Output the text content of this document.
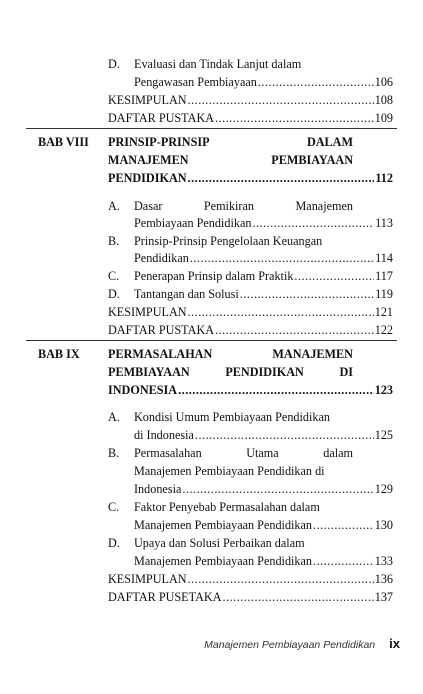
D. Evaluasi dan Tindak Lanjut dalam
Pengawasan Pembiayaan .....	106
KESIMPULAN .....	108
DAFTAR PUSTAKA .....	109
BAB VIII PRINSIP-PRINSIP	DALAM
MANAJEMEN	PEMBIAYAAN
PENDIDIKAN .....	112
A. Dasar	Pemikiran	Manajemen
Pembiayaan Pendidikan .....	113
B. Prinsip-Prinsip Pengelolaan Keuangan
Pendidikan .....	114
C. Penerapan Prinsip dalam Praktik .....	117
D. Tantangan dan Solusi .....	119
KESIMPULAN .....	121
DAFTAR PUSTAKA .....	122
BAB IX PERMASALAHAN	MANAJEMEN
PEMBIAYAAN	PENDIDIKAN	DI
INDONESIA .....	123
A. Kondisi Umum Pembiayaan Pendidikan
di Indonesia .....	125
B. Permasalahan	Utama	dalam
Manajemen Pembiayaan Pendidikan di
Indonesia .....	129
C. Faktor Penyebab Permasalahan dalam
Manajemen Pembiayaan Pendidikan .....	130
D. Upaya dan Solusi Perbaikan dalam
Manajemen Pembiayaan Pendidikan .....	133
KESIMPULAN .....	136
DAFTAR PUSETAKA .....	137
Manajemen Pembiayaan Pendidikan ix
